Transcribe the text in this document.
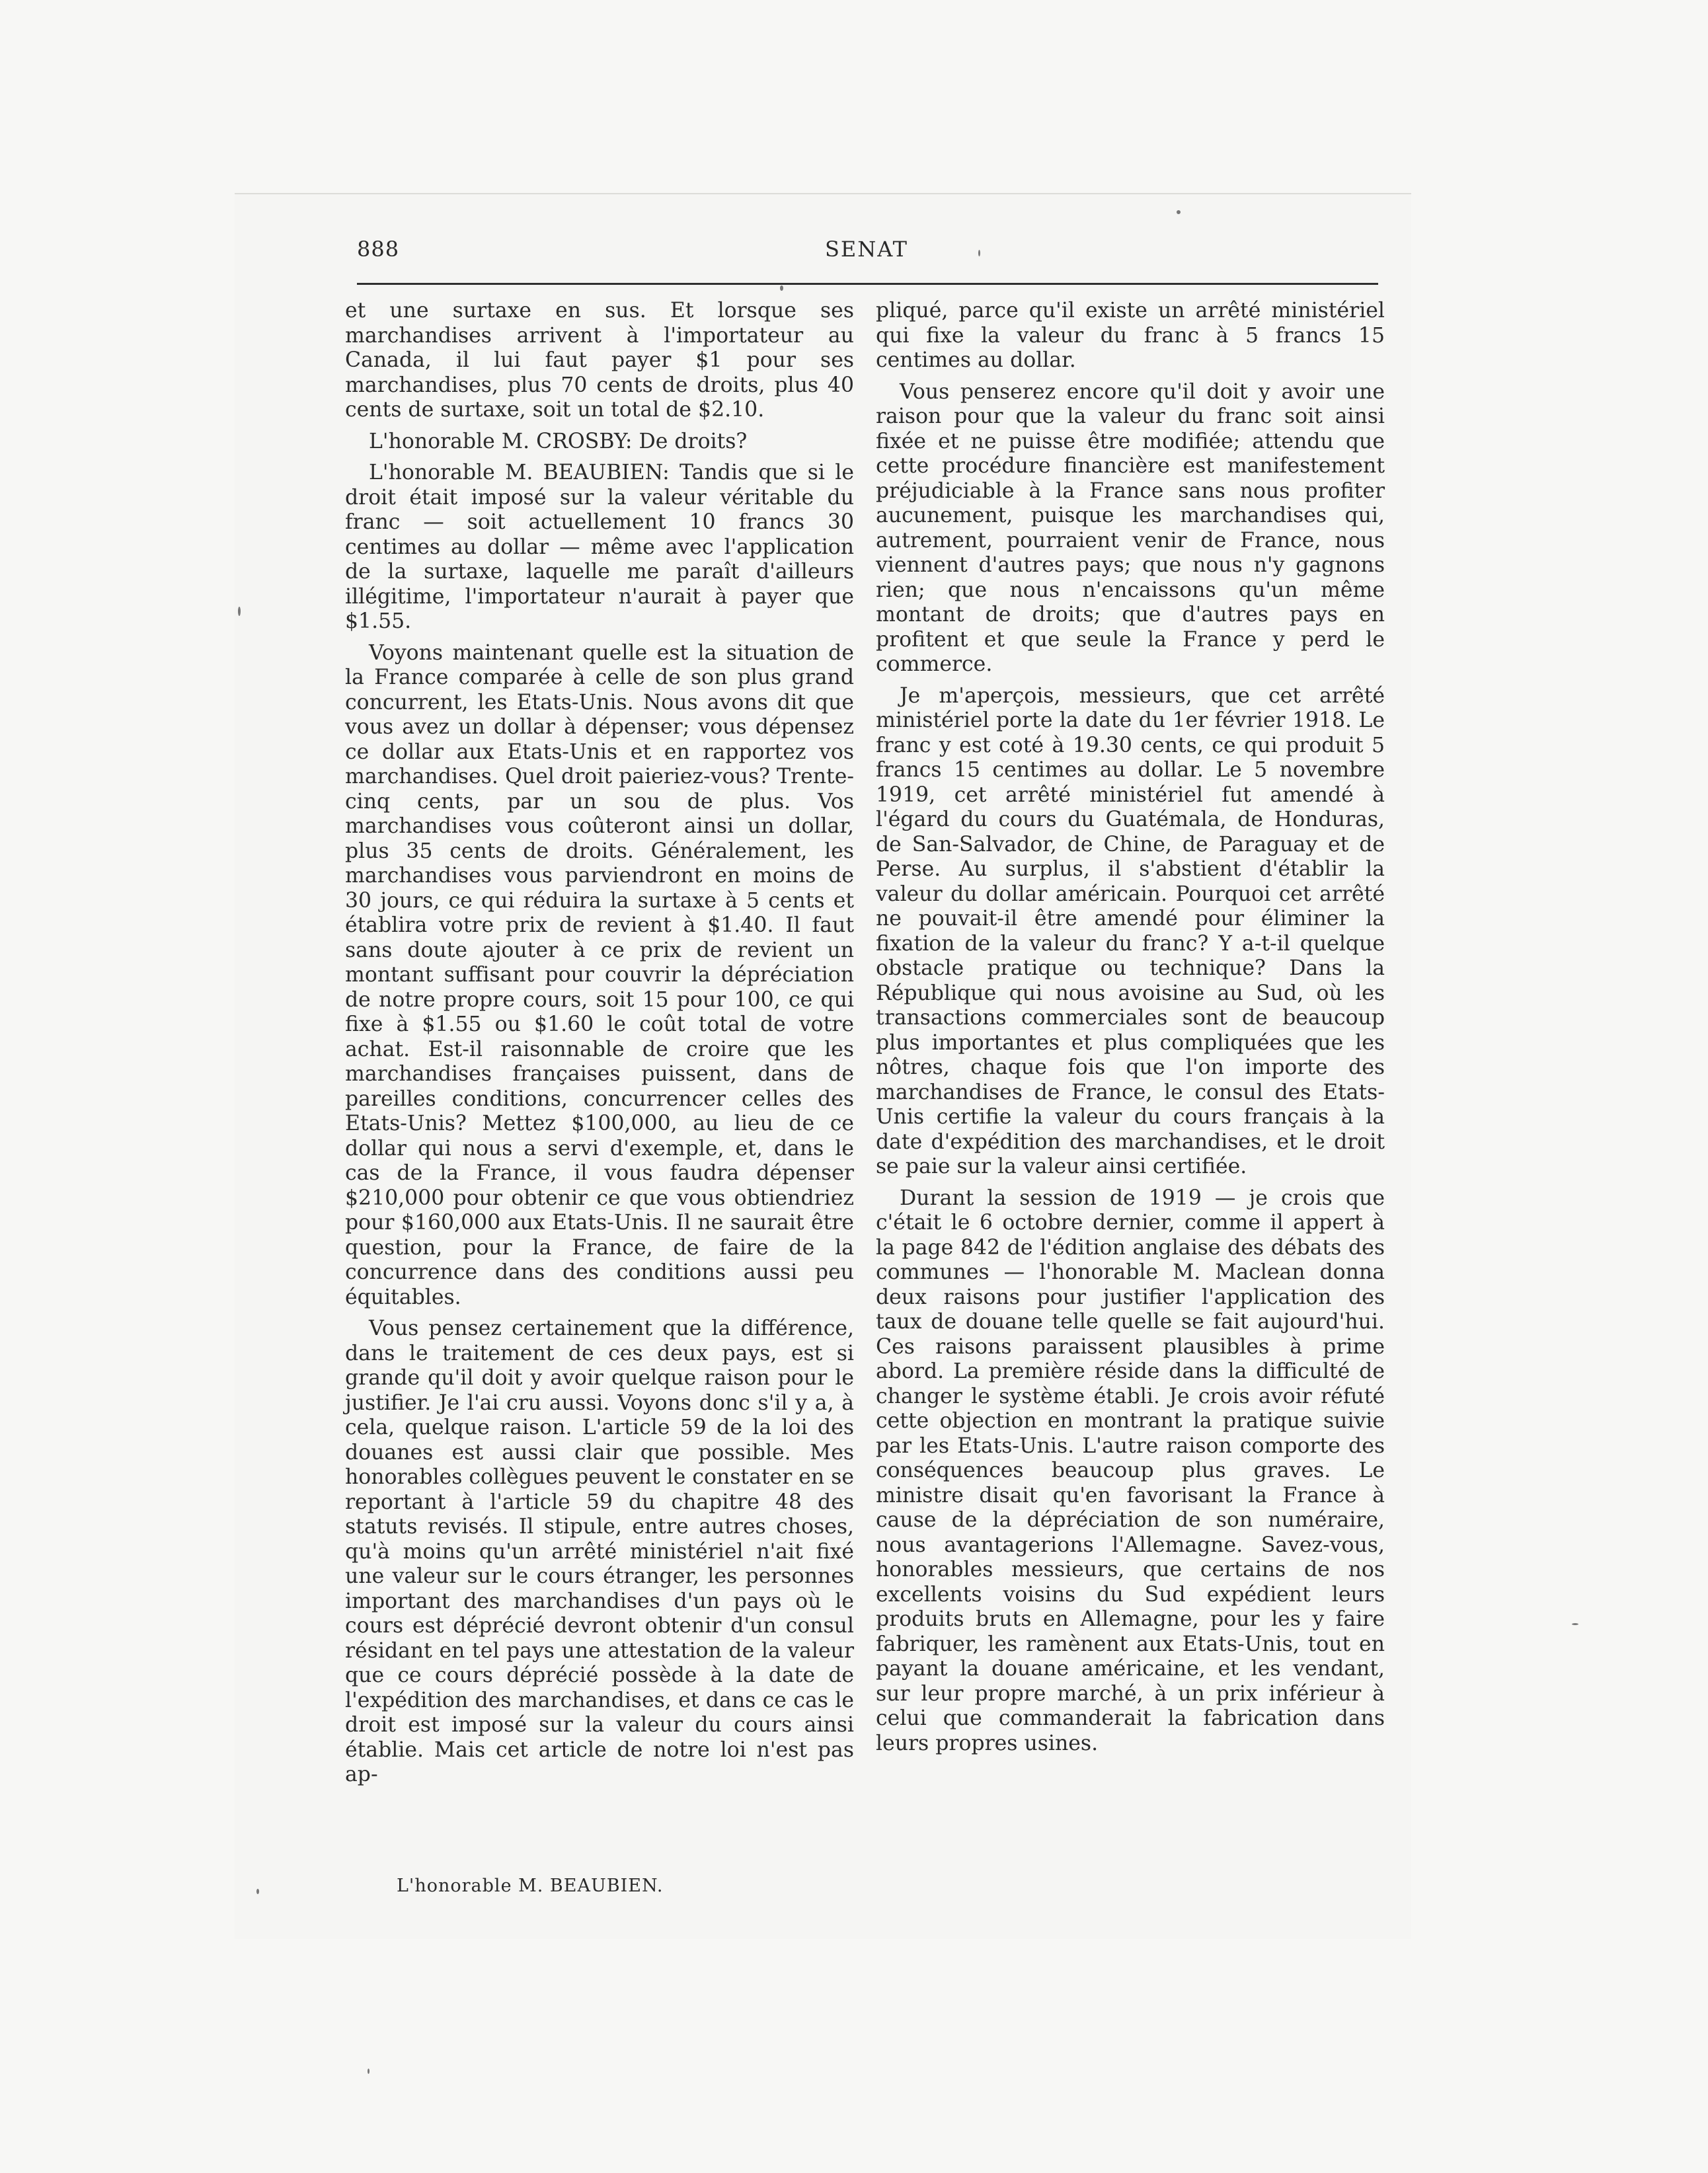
888	SENAT

et une surtaxe en sus. Et lorsque ses marchandises arrivent à l'importateur au Canada, il lui faut payer $1 pour ses marchandises, plus 70 cents de droits, plus 40 cents de surtaxe, soit un total de $2.10.

L'honorable M. CROSBY: De droits?

L'honorable M. BEAUBIEN: Tandis que si le droit était imposé sur la valeur véritable du franc — soit actuellement 10 francs 30 centimes au dollar — même avec l'application de la surtaxe, laquelle me paraît d'ailleurs illégitime, l'importateur n'aurait à payer que $1.55.

Voyons maintenant quelle est la situation de la France comparée à celle de son plus grand concurrent, les Etats-Unis. Nous avons dit que vous avez un dollar à dépenser; vous dépensez ce dollar aux Etats-Unis et en rapportez vos marchandises. Quel droit paieriez-vous? Trente-cinq cents, par un sou de plus. Vos marchandises vous coûteront ainsi un dollar, plus 35 cents de droits. Généralement, les marchandises vous parviendront en moins de 30 jours, ce qui réduira la surtaxe à 5 cents et établira votre prix de revient à $1.40. Il faut sans doute ajouter à ce prix de revient un montant suffisant pour couvrir la dépréciation de notre propre cours, soit 15 pour 100, ce qui fixe à $1.55 ou $1.60 le coût total de votre achat. Est-il raisonnable de croire que les marchandises françaises puissent, dans de pareilles conditions, concurrencer celles des Etats-Unis? Mettez $100,000, au lieu de ce dollar qui nous a servi d'exemple, et, dans le cas de la France, il vous faudra dépenser $210,000 pour obtenir ce que vous obtiendriez pour $160,000 aux Etats-Unis. Il ne saurait être question, pour la France, de faire de la concurrence dans des conditions aussi peu équitables.

Vous pensez certainement que la différence, dans le traitement de ces deux pays, est si grande qu'il doit y avoir quelque raison pour le justifier. Je l'ai cru aussi. Voyons donc s'il y a, à cela, quelque raison. L'article 59 de la loi des douanes est aussi clair que possible. Mes honorables collègues peuvent le constater en se reportant à l'article 59 du chapitre 48 des statuts revisés. Il stipule, entre autres choses, qu'à moins qu'un arrêté ministériel n'ait fixé une valeur sur le cours étranger, les personnes important des marchandises d'un pays où le cours est déprécié devront obtenir d'un consul résidant en tel pays une attestation de la valeur que ce cours déprécié possède à la date de l'expédition des marchandises, et dans ce cas le droit est imposé sur la valeur du cours ainsi établie. Mais cet article de notre loi n'est pas ap-

pliqué, parce qu'il existe un arrêté ministériel qui fixe la valeur du franc à 5 francs 15 centimes au dollar.

Vous penserez encore qu'il doit y avoir une raison pour que la valeur du franc soit ainsi fixée et ne puisse être modifiée; attendu que cette procédure financière est manifestement préjudiciable à la France sans nous profiter aucunement, puisque les marchandises qui, autrement, pourraient venir de France, nous viennent d'autres pays; que nous n'y gagnons rien; que nous n'encaissons qu'un même montant de droits; que d'autres pays en profitent et que seule la France y perd le commerce.

Je m'aperçois, messieurs, que cet arrêté ministériel porte la date du 1er février 1918. Le franc y est coté à 19.30 cents, ce qui produit 5 francs 15 centimes au dollar. Le 5 novembre 1919, cet arrêté ministériel fut amendé à l'égard du cours du Guatémala, de Honduras, de San-Salvador, de Chine, de Paraguay et de Perse. Au surplus, il s'abstient d'établir la valeur du dollar américain. Pourquoi cet arrêté ne pouvait-il être amendé pour éliminer la fixation de la valeur du franc? Y a-t-il quelque obstacle pratique ou technique? Dans la République qui nous avoisine au Sud, où les transactions commerciales sont de beaucoup plus importantes et plus compliquées que les nôtres, chaque fois que l'on importe des marchandises de France, le consul des Etats-Unis certifie la valeur du cours français à la date d'expédition des marchandises, et le droit se paie sur la valeur ainsi certifiée.

Durant la session de 1919 — je crois que c'était le 6 octobre dernier, comme il appert à la page 842 de l'édition anglaise des débats des communes — l'honorable M. Maclean donna deux raisons pour justifier l'application des taux de douane telle quelle se fait aujourd'hui. Ces raisons paraissent plausibles à prime abord. La première réside dans la difficulté de changer le système établi. Je crois avoir réfuté cette objection en montrant la pratique suivie par les Etats-Unis. L'autre raison comporte des conséquences beaucoup plus graves. Le ministre disait qu'en favorisant la France à cause de la dépréciation de son numéraire, nous avantagerions l'Allemagne. Savez-vous, honorables messieurs, que certains de nos excellents voisins du Sud expédient leurs produits bruts en Allemagne, pour les y faire fabriquer, les ramènent aux Etats-Unis, tout en payant la douane américaine, et les vendant, sur leur propre marché, à un prix inférieur à celui que commanderait la fabrication dans leurs propres usines.

L'honorable M. BEAUBIEN.
